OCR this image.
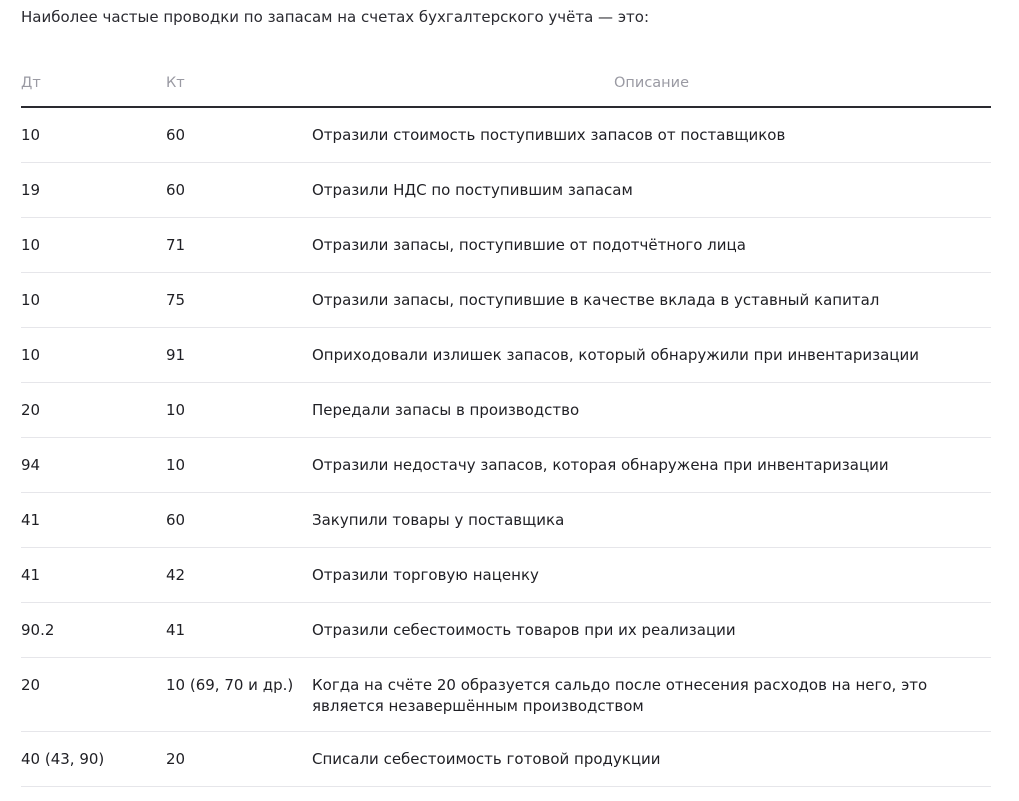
Наиболее частые проводки по запасам на счетах бухгалтерского учёта — это:
Дт	Кт	Описание
10	60	Отразили стоимость поступивших запасов от поставщиков
19	60	Отразили НДС по поступившим запасам
10	71	Отразили запасы, поступившие от подотчётного лица
10	75	Отразили запасы, поступившие в качестве вклада в уставный капитал
10	91	Оприходовали излишек запасов, который обнаружили при инвентаризации
20	10	Передали запасы в производство
94	10	Отразили недостачу запасов, которая обнаружена при инвентаризации
41	60	Закупили товары у поставщика
41	42	Отразили торговую наценку
90.2	41	Отразили себестоимость товаров при их реализации
20	10 (69, 70 и др.)	Когда на счёте 20 образуется сальдо после отнесения расходов на него, это является незавершённым производством
40 (43, 90)	20	Списали себестоимость готовой продукции
